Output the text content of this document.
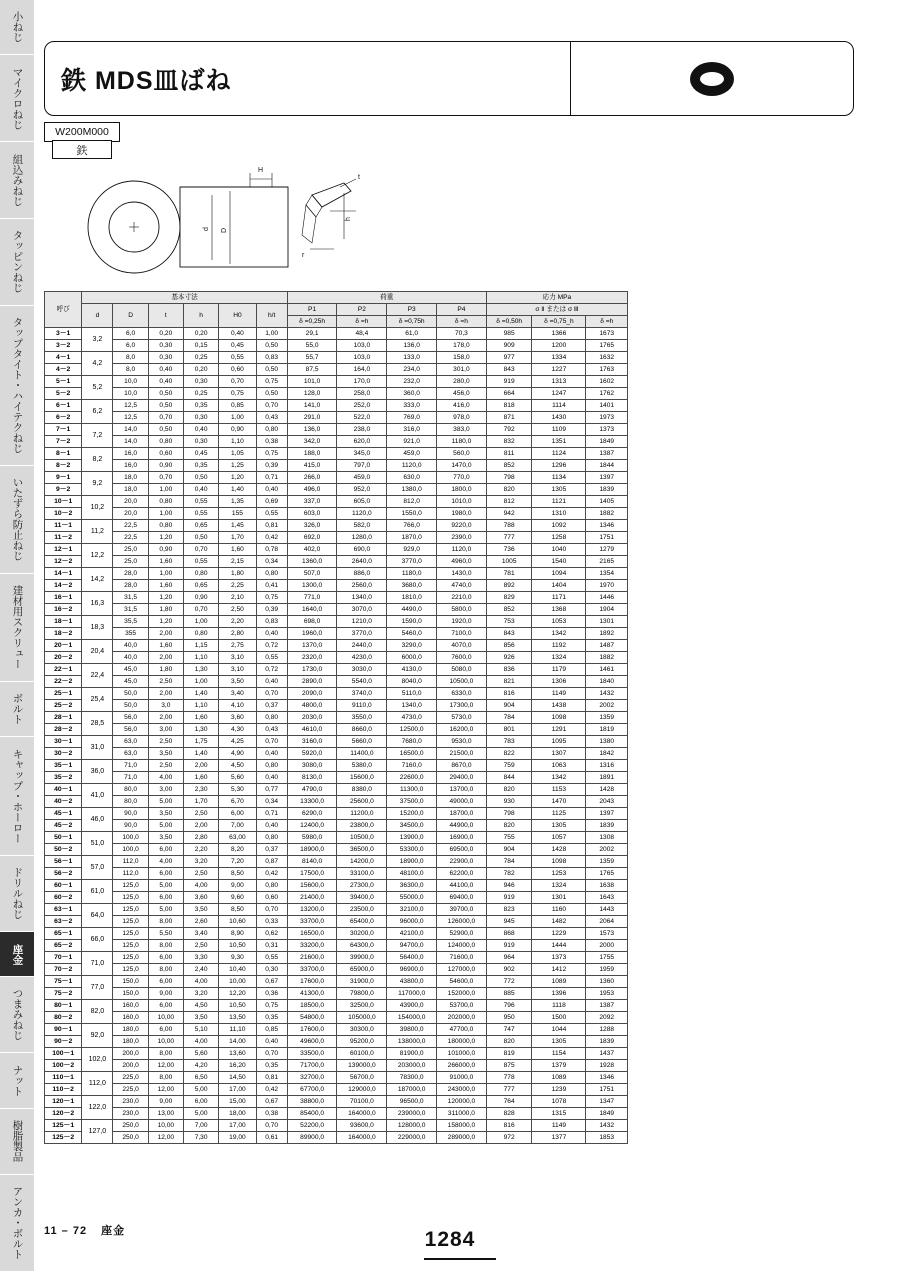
小ねじ
マイクロねじ
組込みねじ
タッピンねじ
タップタイト・ハイテクねじ
いたずら防止ねじ
建材用スクリュー
ボルト
キャップ・ホーロー
ドリルねじ
座金
つまみねじ
ナット
樹脂製品
アンカ・ボルト
鉄 MDS皿ばね
W200M000
鉄
H
t
d D
h
r
呼び	基本寸法						荷重				応力 MPa		
	d	D	t	h	H0	h/t	P1	P2	P3	P4	σ Ⅱ または σ Ⅲ		
							δ =0,25h	δ =h	δ =0,75h	δ =h	δ =0,50h	δ =0,75_h	δ =h
3－1	3,2	6,0	0,20	0,20	0,40	1,00	29,1	48,4	61,0	70,3	985	1366	1673
3－2		6,0	0,30	0,15	0,45	0,50	55,0	103,0	136,0	178,0	909	1200	1765
4－1	4,2	8,0	0,30	0,25	0,55	0,83	55,7	103,0	133,0	158,0	977	1334	1632
4－2		8,0	0,40	0,20	0,60	0,50	87,5	164,0	234,0	301,0	843	1227	1763
5－1	5,2	10,0	0,40	0,30	0,70	0,75	101,0	170,0	232,0	280,0	919	1313	1602
5－2		10,0	0,50	0,25	0,75	0,50	128,0	258,0	360,0	456,0	664	1247	1762
6－1	6,2	12,5	0,50	0,35	0,85	0,70	141,0	252,0	333,0	416,0	818	1114	1401
6－2		12,5	0,70	0,30	1,00	0,43	291,0	522,0	769,0	978,0	871	1430	1973
7－1	7,2	14,0	0,50	0,40	0,90	0,80	136,0	238,0	316,0	383,0	792	1109	1373
7－2		14,0	0,80	0,30	1,10	0,38	342,0	620,0	921,0	1180,0	832	1351	1849
8－1	8,2	16,0	0,60	0,45	1,05	0,75	188,0	345,0	459,0	560,0	811	1124	1387
8－2		16,0	0,90	0,35	1,25	0,39	415,0	797,0	1120,0	1470,0	852	1296	1844
9－1	9,2	18,0	0,70	0,50	1,20	0,71	266,0	459,0	630,0	770,0	798	1134	1397
9－2		18,0	1,00	0,40	1,40	0,40	496,0	952,0	1380,0	1800,0	820	1305	1839
10－1	10,2	20,0	0,80	0,55	1,35	0,69	337,0	605,0	812,0	1010,0	812	1121	1405
10－2		20,0	1,00	0,55	155	0,55	603,0	1120,0	1550,0	1980,0	942	1310	1882
11－1	11,2	22,5	0,80	0,65	1,45	0,81	326,0	582,0	766,0	9220,0	788	1092	1346
11－2		22,5	1,20	0,50	1,70	0,42	692,0	1280,0	1870,0	2390,0	777	1258	1751
12－1	12,2	25,0	0,90	0,70	1,60	0,78	402,0	690,0	929,0	1120,0	736	1040	1279
12－2		25,0	1,60	0,55	2,15	0,34	1360,0	2640,0	3770,0	4960,0	1005	1540	2165
14－1	14,2	28,0	1,00	0,80	1,80	0,80	507,0	886,0	1180,0	1430,0	781	1094	1354
14－2		28,0	1,60	0,65	2,25	0,41	1300,0	2560,0	3680,0	4740,0	892	1404	1970
16－1	16,3	31,5	1,20	0,90	2,10	0,75	771,0	1340,0	1810,0	2210,0	829	1171	1446
16－2		31,5	1,80	0,70	2,50	0,39	1640,0	3070,0	4490,0	5800,0	852	1368	1904
18－1	18,3	35,5	1,20	1,00	2,20	0,83	698,0	1210,0	1590,0	1920,0	753	1053	1301
18－2		355	2,00	0,80	2,80	0,40	1960,0	3770,0	5460,0	7100,0	843	1342	1892
20－1	20,4	40,0	1,60	1,15	2,75	0,72	1370,0	2440,0	3290,0	4070,0	856	1192	1487
20－2		40,0	2,00	1,10	3,10	0,55	2320,0	4230,0	6000,0	7600,0	926	1324	1882
22－1	22,4	45,0	1,80	1,30	3,10	0,72	1730,0	3030,0	4130,0	5080,0	836	1179	1461
22－2		45,0	2,50	1,00	3,50	0,40	2890,0	5540,0	8040,0	10500,0	821	1306	1840
25－1	25,4	50,0	2,00	1,40	3,40	0,70	2090,0	3740,0	5110,0	6330,0	816	1149	1432
25－2		50,0	3,0	1,10	4,10	0,37	4800,0	9110,0	1340,0	17300,0	904	1438	2002
28－1	28,5	56,0	2,00	1,60	3,60	0,80	2030,0	3550,0	4730,0	5730,0	784	1098	1359
28－2		56,0	3,00	1,30	4,30	0,43	4610,0	8660,0	12500,0	16200,0	801	1291	1819
30－1	31,0	63,0	2,50	1,75	4,25	0,70	3160,0	5660,0	7680,0	9530,0	783	1095	1380
30－2		63,0	3,50	1,40	4,90	0,40	5920,0	11400,0	16500,0	21500,0	822	1307	1842
35－1	36,0	71,0	2,50	2,00	4,50	0,80	3080,0	5380,0	7160,0	8670,0	759	1063	1316
35－2		71,0	4,00	1,60	5,60	0,40	8130,0	15600,0	22600,0	29400,0	844	1342	1891
40－1	41,0	80,0	3,00	2,30	5,30	0,77	4790,0	8380,0	11300,0	13700,0	820	1153	1428
40－2		80,0	5,00	1,70	6,70	0,34	13300,0	25600,0	37500,0	49000,0	930	1470	2043
45－1	46,0	90,0	3,50	2,50	6,00	0,71	6290,0	11200,0	15200,0	18700,0	798	1125	1397
45－2		90,0	5,00	2,00	7,00	0,40	12400,0	23800,0	34500,0	44900,0	820	1305	1839
50－1	51,0	100,0	3,50	2,80	63,00	0,80	5980,0	10500,0	13900,0	16900,0	755	1057	1308
50－2		100,0	6,00	2,20	8,20	0,37	18900,0	36500,0	53300,0	69500,0	904	1428	2002
56－1	57,0	112,0	4,00	3,20	7,20	0,87	8140,0	14200,0	18900,0	22900,0	784	1098	1359
56－2		112,0	6,00	2,50	8,50	0,42	17500,0	33100,0	48100,0	62200,0	782	1253	1765
60－1	61,0	125,0	5,00	4,00	9,00	0,80	15600,0	27300,0	36300,0	44100,0	946	1324	1638
60－2		125,0	6,00	3,60	9,60	0,60	21400,0	39400,0	55000,0	69400,0	919	1301	1643
63－1	64,0	125,0	5,00	3,50	8,50	0,70	13200,0	23500,0	32100,0	39700,0	823	1160	1443
63－2		125,0	8,00	2,60	10,60	0,33	33700,0	65400,0	96000,0	126000,0	945	1482	2064
65－1	66,0	125,0	5,50	3,40	8,90	0,62	16500,0	30200,0	42100,0	52900,0	868	1229	1573
65－2		125,0	8,00	2,50	10,50	0,31	33200,0	64300,0	94700,0	124000,0	919	1444	2000
70－1	71,0	125,0	6,00	3,30	9,30	0,55	21600,0	39900,0	56400,0	71600,0	964	1373	1755
70－2		125,0	8,00	2,40	10,40	0,30	33700,0	65900,0	96900,0	127000,0	902	1412	1959
75－1	77,0	150,0	6,00	4,00	10,00	0,67	17600,0	31900,0	43800,0	54600,0	772	1089	1360
75－2		150,0	9,00	3,20	12,20	0,36	41300,0	79800,0	117000,0	152000,0	885	1396	1953
80－1	82,0	160,0	6,00	4,50	10,50	0,75	18500,0	32500,0	43900,0	53700,0	796	1118	1387
80－2		160,0	10,00	3,50	13,50	0,35	54800,0	105000,0	154000,0	202000,0	950	1500	2092
90－1	92,0	180,0	6,00	5,10	11,10	0,85	17600,0	30300,0	39800,0	47700,0	747	1044	1288
90－2		180,0	10,00	4,00	14,00	0,40	49600,0	95200,0	138000,0	180000,0	820	1305	1839
100－1	102,0	200,0	8,00	5,60	13,60	0,70	33500,0	60100,0	81900,0	101000,0	819	1154	1437
100－2		200,0	12,00	4,20	16,20	0,35	71700,0	139000,0	203000,0	266000,0	875	1379	1928
110－1	112,0	225,0	8,00	6,50	14,50	0,81	32700,0	56700,0	78300,0	91000,0	778	1089	1346
110－2		225,0	12,00	5,00	17,00	0,42	67700,0	129000,0	187000,0	243000,0	777	1239	1751
120－1	122,0	230,0	9,00	6,00	15,00	0,67	38800,0	70100,0	96500,0	120000,0	764	1078	1347
120－2		230,0	13,00	5,00	18,00	0,38	85400,0	164000,0	239000,0	311000,0	828	1315	1849
125－1	127,0	250,0	10,00	7,00	17,00	0,70	52200,0	93600,0	128000,0	158000,0	816	1149	1432
125－2		250,0	12,00	7,30	19,00	0,61	89900,0	164000,0	229000,0	289000,0	972	1377	1853
11 – 72 座金	1284
